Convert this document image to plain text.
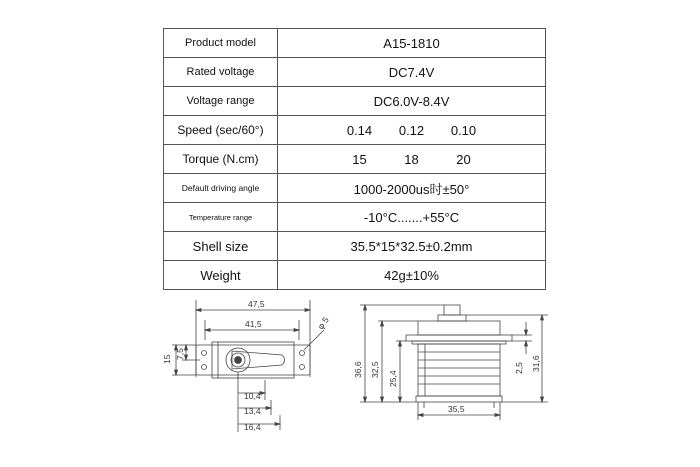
Product model	A15-1810
Rated voltage	DC7.4V
Voltage range	DC6.0V-8.4V
Speed (sec/60°)	0.14 0.12 0.10

Torque (N.cm)	15 18 20

Default driving angle	1000-2000us时±50°
Temperature range	-10°C.......+55°C
Shell size	35.5*15*32.5±0.2mm
Weight	42g±10%
47,5
41,5	φ 5
15 7,5
10,4
13,4
16,4
36,6 32,5
25,4
2,5 31,6
35,5
